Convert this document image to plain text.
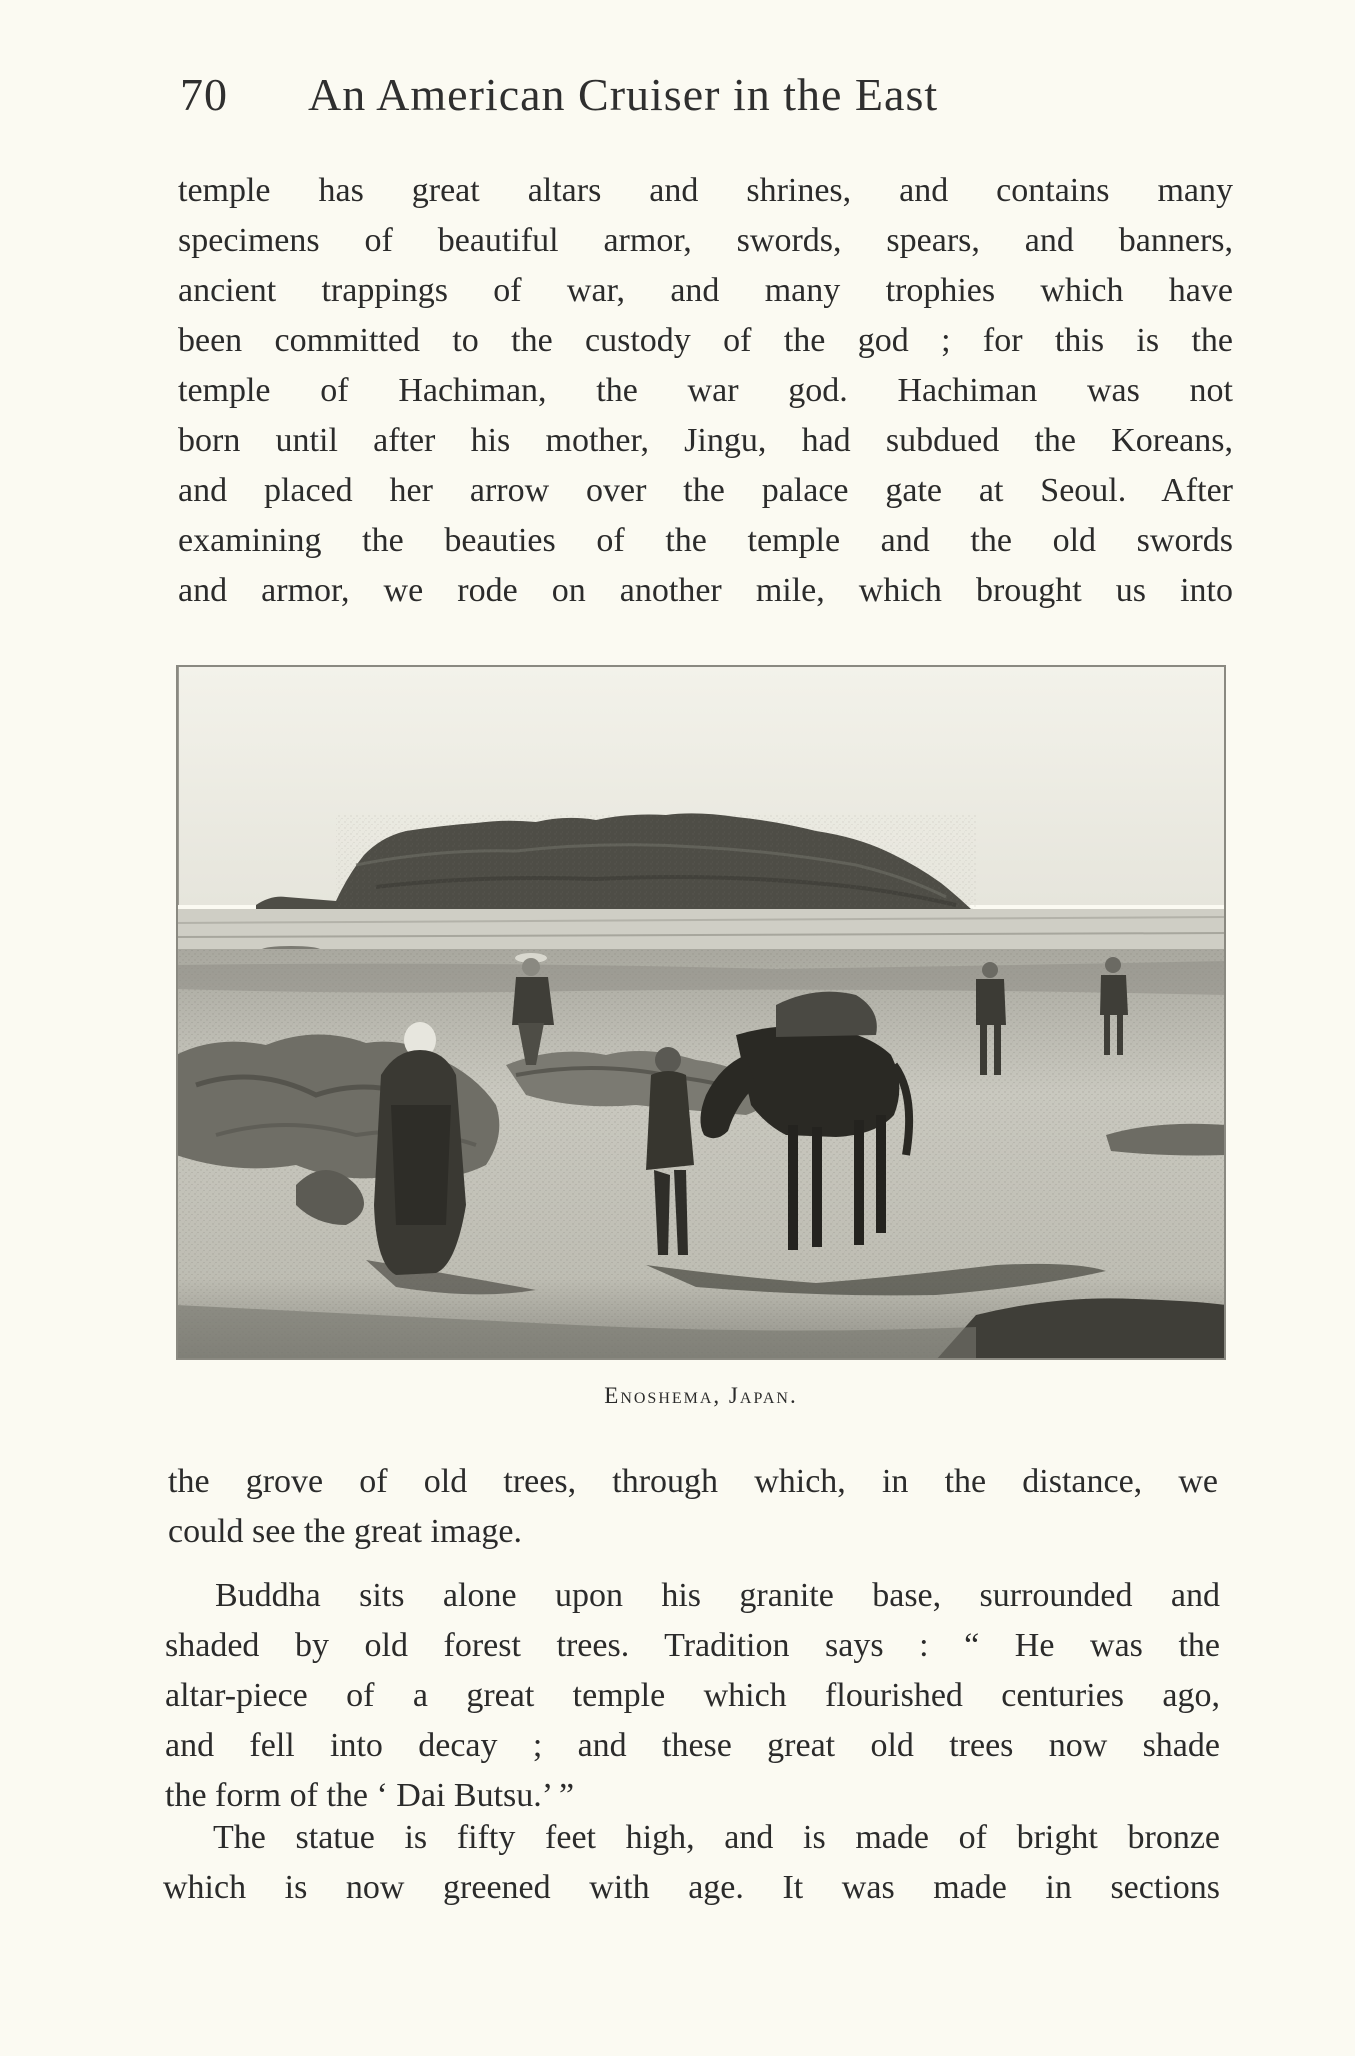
70 An American Cruiser in the East
temple has great altars and shrines, and contains many
specimens of beautiful armor, swords, spears, and banners,
ancient trappings of war, and many trophies which have
been committed to the custody of the god ; for this is the
temple of Hachiman, the war god. Hachiman was not
born until after his mother, Jingu, had subdued the Koreans,
and placed her arrow over the palace gate at Seoul. After
examining the beauties of the temple and the old swords
and armor, we rode on another mile, which brought us into
Enoshema, Japan.
the grove of old trees, through which, in the distance, we
could see the great image.
Buddha sits alone upon his granite base, surrounded and
shaded by old forest trees. Tradition says : “ He was the
altar-piece of a great temple which flourished centuries ago,
and fell into decay ; and these great old trees now shade
the form of the ‘ Dai Butsu.’ ”
The statue is fifty feet high, and is made of bright bronze
which is now greened with age. It was made in sections
